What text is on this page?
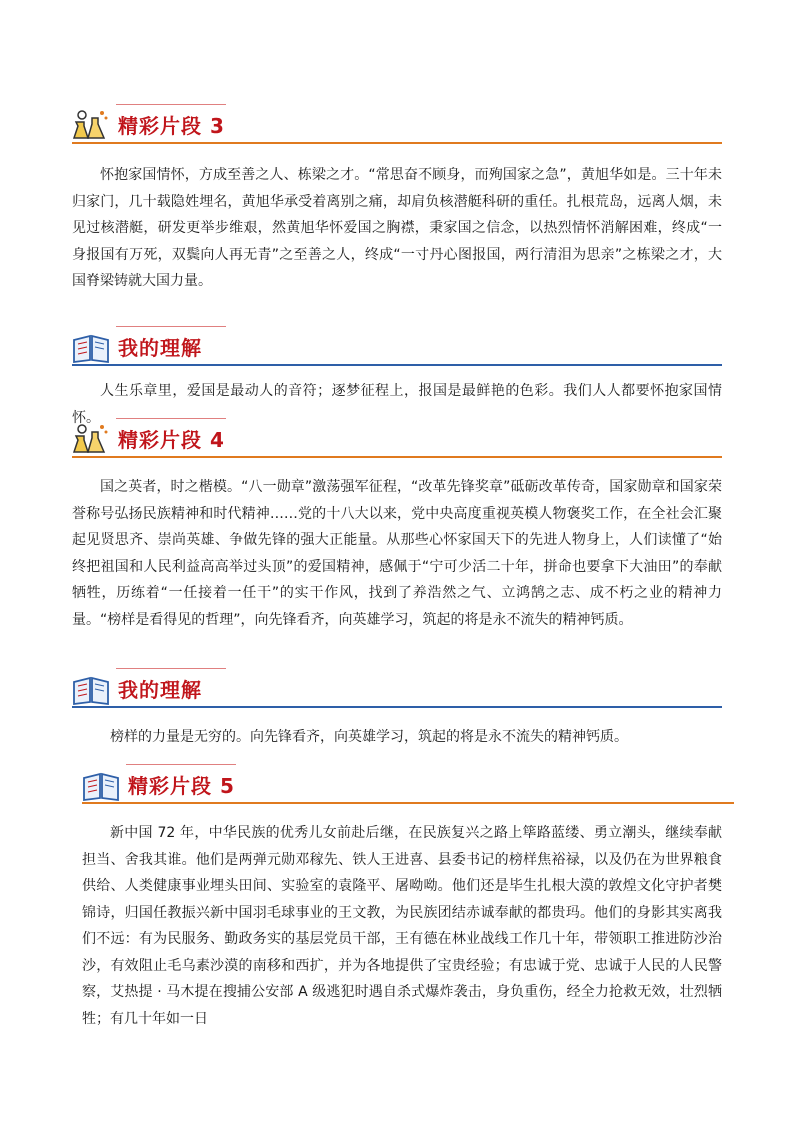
精彩片段 3

怀抱家国情怀，方成至善之人、栋梁之才。“常思奋不顾身，而殉国家之急”，黄旭华如是。三十年未归家门，几十载隐姓埋名，黄旭华承受着离别之痛，却肩负核潜艇科研的重任。扎根荒岛，远离人烟，未见过核潜艇，研发更举步维艰，然黄旭华怀爱国之胸襟，秉家国之信念，以热烈情怀消解困难，终成“一身报国有万死，双鬓向人再无青”之至善之人，终成“一寸丹心图报国，两行清泪为思亲”之栋梁之才，大国脊梁铸就大国力量。

我的理解

人生乐章里，爱国是最动人的音符；逐梦征程上，报国是最鲜艳的色彩。我们人人都要怀抱家国情怀。

精彩片段 4

国之英者，时之楷模。“八一勋章”激荡强军征程，“改革先锋奖章”砥砺改革传奇，国家勋章和国家荣誉称号弘扬民族精神和时代精神……党的十八大以来，党中央高度重视英模人物褒奖工作，在全社会汇聚起见贤思齐、崇尚英雄、争做先锋的强大正能量。从那些心怀家国天下的先进人物身上，人们读懂了“始终把祖国和人民利益高高举过头顶”的爱国精神，感佩于“宁可少活二十年，拼命也要拿下大油田”的奉献牺牲，历练着“一任接着一任干”的实干作风，找到了养浩然之气、立鸿鹄之志、成不朽之业的精神力量。“榜样是看得见的哲理”，向先锋看齐，向英雄学习，筑起的将是永不流失的精神钙质。

我的理解

榜样的力量是无穷的。向先锋看齐，向英雄学习，筑起的将是永不流失的精神钙质。

精彩片段 5

新中国 72 年，中华民族的优秀儿女前赴后继，在民族复兴之路上筚路蓝缕、勇立潮头，继续奉献担当、舍我其谁。他们是两弹元勋邓稼先、铁人王进喜、县委书记的榜样焦裕禄，以及仍在为世界粮食供给、人类健康事业埋头田间、实验室的袁隆平、屠呦呦。他们还是毕生扎根大漠的敦煌文化守护者樊锦诗，归国任教振兴新中国羽毛球事业的王文教，为民族团结赤诚奉献的都贵玛。他们的身影其实离我们不远：有为民服务、勤政务实的基层党员干部，王有德在林业战线工作几十年，带领职工推进防沙治沙，有效阻止毛乌素沙漠的南移和西扩，并为各地提供了宝贵经验；有忠诚于党、忠诚于人民的人民警察，艾热提 · 马木提在搜捕公安部 A 级逃犯时遇自杀式爆炸袭击，身负重伤，经全力抢救无效，壮烈牺牲；有几十年如一日
